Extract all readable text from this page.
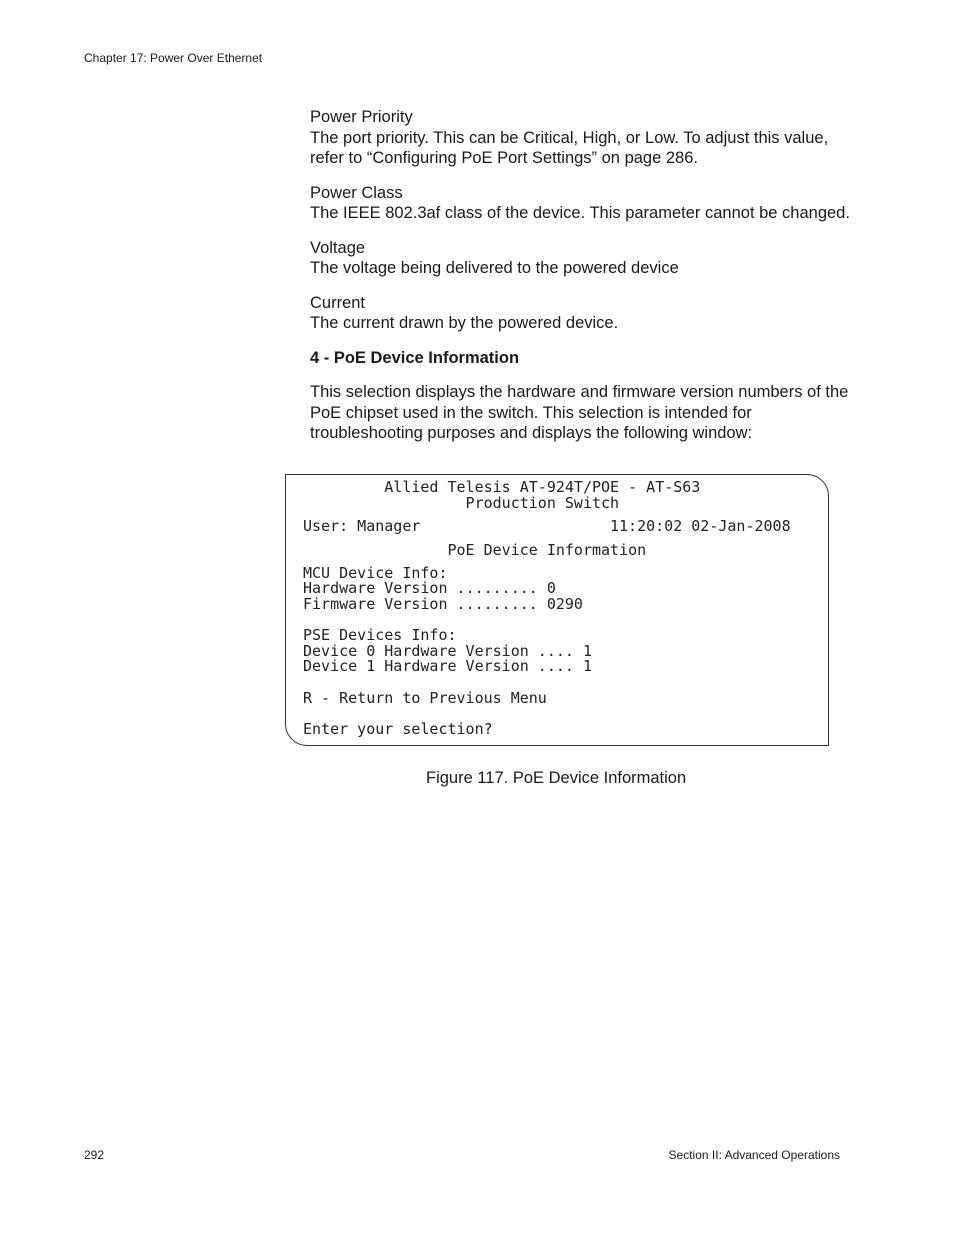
Chapter 17: Power Over Ethernet
Power Priority
The port priority. This can be Critical, High, or Low. To adjust this value, refer to “Configuring PoE Port Settings” on page 286.
Power Class
The IEEE 802.3af class of the device. This parameter cannot be changed.
Voltage
The voltage being delivered to the powered device
Current
The current drawn by the powered device.
4 - PoE Device Information

This selection displays the hardware and firmware version numbers of the PoE chipset used in the switch. This selection is intended for troubleshooting purposes and displays the following window:

Allied Telesis AT-924T/POE - AT-S63
Production Switch
User: Manager	11:20:02 02-Jan-2008
PoE Device Information
MCU Device Info:
Hardware Version ......... 0
Firmware Version ......... 0290
PSE Devices Info:
Device 0 Hardware Version .... 1
Device 1 Hardware Version .... 1
R - Return to Previous Menu
Enter your selection?
Figure 117. PoE Device Information
292	Section II: Advanced Operations
